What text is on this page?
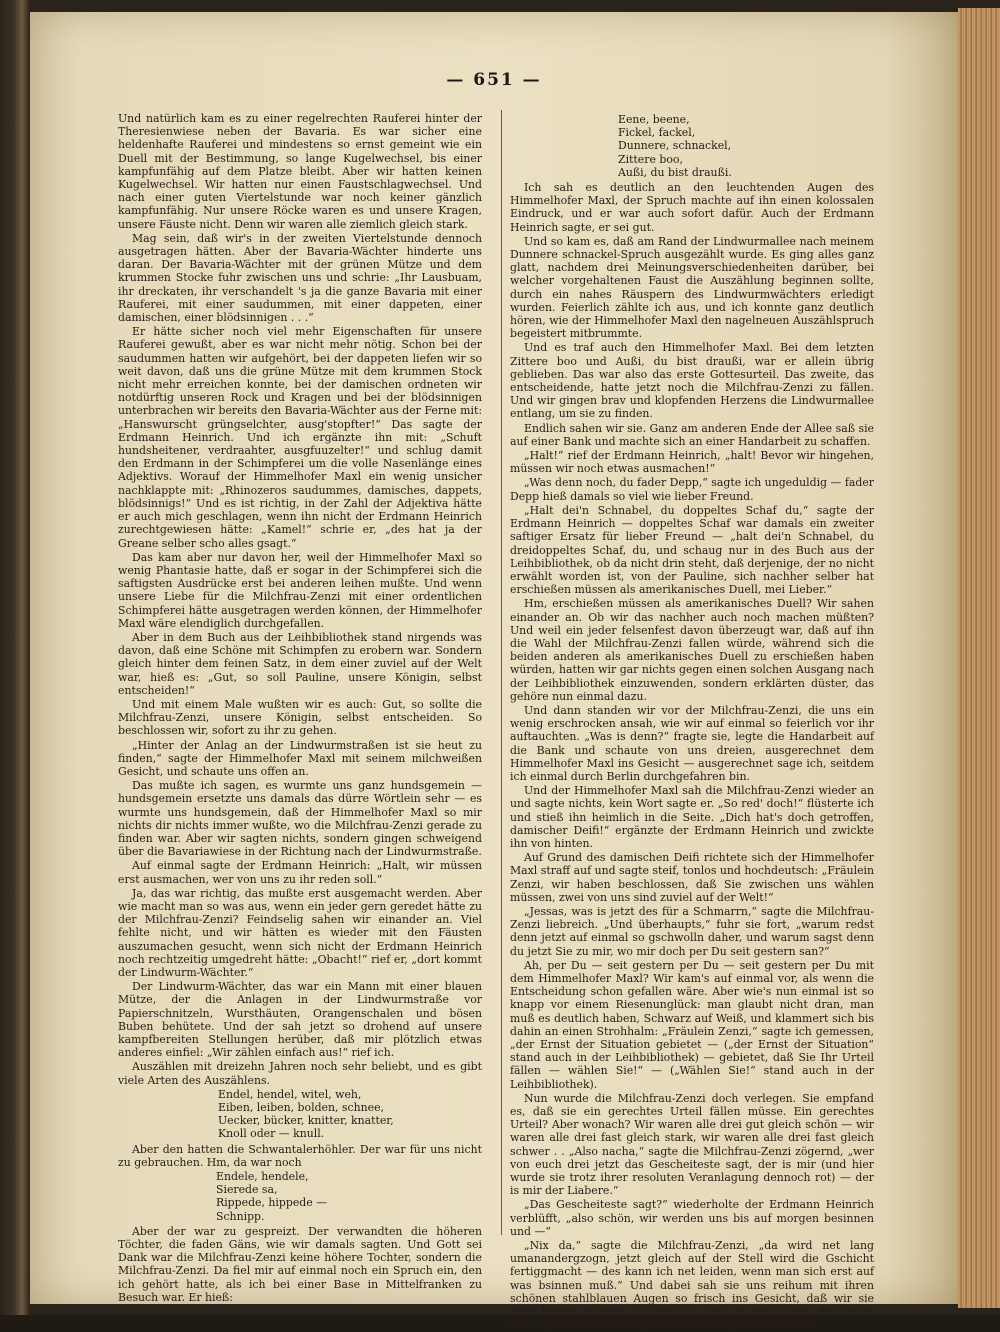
— 651 —

Und natürlich kam es zu einer regelrechten Rauferei hinter der Theresienwiese neben der Bavaria. Es war sicher eine heldenhafte Rauferei und mindestens so ernst gemeint wie ein Duell mit der Bestimmung, so lange Kugelwechsel, bis einer kampfunfähig auf dem Platze bleibt. Aber wir hatten keinen Kugelwechsel. Wir hatten nur einen Faustschlagwechsel. Und nach einer guten Viertelstunde war noch keiner gänzlich kampfunfähig. Nur unsere Röcke waren es und unsere Kragen, unsere Fäuste nicht. Denn wir waren alle ziemlich gleich stark.

Mag sein, daß wir's in der zweiten Viertelstunde dennoch ausgetragen hätten. Aber der Bavaria-Wächter hinderte uns daran. Der Bavaria-Wächter mit der grünen Mütze und dem krummen Stocke fuhr zwischen uns und schrie: „Ihr Lausbuam, ihr dreckaten, ihr verschandelt 's ja die ganze Bavaria mit einer Rauferei, mit einer saudummen, mit einer dappeten, einer damischen, einer blödsinnigen . . .“

Er hätte sicher noch viel mehr Eigenschaften für unsere Rauferei gewußt, aber es war nicht mehr nötig. Schon bei der saudummen hatten wir aufgehört, bei der dappeten liefen wir so weit davon, daß uns die grüne Mütze mit dem krummen Stock nicht mehr erreichen konnte, bei der damischen ordneten wir notdürftig unseren Rock und Kragen und bei der blödsinnigen unterbrachen wir bereits den Bavaria-Wächter aus der Ferne mit: „Hanswurscht grüngselchter, ausg'stopfter!“ Das sagte der Erdmann Heinrich. Und ich ergänzte ihn mit: „Schuft hundsheitener, verdraahter, ausgfuuzelter!“ und schlug damit den Erdmann in der Schimpferei um die volle Nasenlänge eines Adjektivs. Worauf der Himmelhofer Maxl ein wenig unsicher nachklappte mit: „Rhinozeros saudummes, damisches, dappets, blödsinnigs!“ Und es ist richtig, in der Zahl der Adjektiva hätte er auch mich geschlagen, wenn ihn nicht der Erdmann Heinrich zurechtgewiesen hätte: „Kamel!“ schrie er, „des hat ja der Greane selber scho alles gsagt.“

Das kam aber nur davon her, weil der Himmelhofer Maxl so wenig Phantasie hatte, daß er sogar in der Schimpferei sich die saftigsten Ausdrücke erst bei anderen leihen mußte. Und wenn unsere Liebe für die Milchfrau-Zenzi mit einer ordentlichen Schimpferei hätte ausgetragen werden können, der Himmelhofer Maxl wäre elendiglich durchgefallen.

Aber in dem Buch aus der Leihbibliothek stand nirgends was davon, daß eine Schöne mit Schimpfen zu erobern war. Sondern gleich hinter dem feinen Satz, in dem einer zuviel auf der Welt war, hieß es: „Gut, so soll Pauline, unsere Königin, selbst entscheiden!“

Und mit einem Male wußten wir es auch: Gut, so sollte die Milchfrau-Zenzi, unsere Königin, selbst entscheiden. So beschlossen wir, sofort zu ihr zu gehen.

„Hinter der Anlag an der Lindwurmstraßen ist sie heut zu finden,“ sagte der Himmelhofer Maxl mit seinem milchweißen Gesicht, und schaute uns offen an.

Das mußte ich sagen, es wurmte uns ganz hundsgemein — hundsgemein ersetzte uns damals das dürre Wörtlein sehr — es wurmte uns hundsgemein, daß der Himmelhofer Maxl so mir nichts dir nichts immer wußte, wo die Milchfrau-Zenzi gerade zu finden war. Aber wir sagten nichts, sondern gingen schweigend über die Bavariawiese in der Richtung nach der Lindwurmstraße.

Auf einmal sagte der Erdmann Heinrich: „Halt, wir müssen erst ausmachen, wer von uns zu ihr reden soll.“

Ja, das war richtig, das mußte erst ausgemacht werden. Aber wie macht man so was aus, wenn ein jeder gern geredet hätte zu der Milchfrau-Zenzi? Feindselig sahen wir einander an. Viel fehlte nicht, und wir hätten es wieder mit den Fäusten auszumachen gesucht, wenn sich nicht der Erdmann Heinrich noch rechtzeitig umgedreht hätte: „Obacht!“ rief er, „dort kommt der Lindwurm-Wächter.“

Der Lindwurm-Wächter, das war ein Mann mit einer blauen Mütze, der die Anlagen in der Lindwurmstraße vor Papierschnitzeln, Wursthäuten, Orangenschalen und bösen Buben behütete. Und der sah jetzt so drohend auf unsere kampfbereiten Stellungen herüber, daß mir plötzlich etwas anderes einfiel: „Wir zählen einfach aus!“ rief ich.

Auszählen mit dreizehn Jahren noch sehr beliebt, und es gibt viele Arten des Auszählens.

Endel, hendel, witel, weh,
Eiben, leiben, bolden, schnee,
Uecker, bücker, knitter, knatter,
Knoll oder — knull.

Aber den hatten die Schwantalerhöhler. Der war für uns nicht zu gebrauchen. Hm, da war noch

Endele, hendele,
Sierede sa,
Rippede, hippede —
Schnipp.

Aber der war zu gespreizt. Der verwandten die höheren Töchter, die faden Gäns, wie wir damals sagten. Und Gott sei Dank war die Milchfrau-Zenzi keine höhere Tochter, sondern die Milchfrau-Zenzi. Da fiel mir auf einmal noch ein Spruch ein, den ich gehört hatte, als ich bei einer Base in Mittelfranken zu Besuch war. Er hieß:

Eene, beene,
Fickel, fackel,
Dunnere, schnackel,
Zittere boo,
Außi, du bist draußi.

Ich sah es deutlich an den leuchtenden Augen des Himmelhofer Maxl, der Spruch machte auf ihn einen kolossalen Eindruck, und er war auch sofort dafür. Auch der Erdmann Heinrich sagte, er sei gut.

Und so kam es, daß am Rand der Lindwurmallee nach meinem Dunnere schnackel-Spruch ausgezählt wurde. Es ging alles ganz glatt, nachdem drei Meinungsverschiedenheiten darüber, bei welcher vorgehaltenen Faust die Auszählung beginnen sollte, durch ein nahes Räuspern des Lindwurmwächters erledigt wurden. Feierlich zählte ich aus, und ich konnte ganz deutlich hören, wie der Himmelhofer Maxl den nagelneuen Auszählspruch begeistert mitbrummte.

Und es traf auch den Himmelhofer Maxl. Bei dem letzten Zittere boo und Außi, du bist draußi, war er allein übrig geblieben. Das war also das erste Gottesurteil. Das zweite, das entscheidende, hatte jetzt noch die Milchfrau-Zenzi zu fällen. Und wir gingen brav und klopfenden Herzens die Lindwurmallee entlang, um sie zu finden.

Endlich sahen wir sie. Ganz am anderen Ende der Allee saß sie auf einer Bank und machte sich an einer Handarbeit zu schaffen.

„Halt!“ rief der Erdmann Heinrich, „halt! Bevor wir hingehen, müssen wir noch etwas ausmachen!“

„Was denn noch, du fader Depp,“ sagte ich ungeduldig — fader Depp hieß damals so viel wie lieber Freund.

„Halt dei'n Schnabel, du doppeltes Schaf du,“ sagte der Erdmann Heinrich — doppeltes Schaf war damals ein zweiter saftiger Ersatz für lieber Freund — „halt dei'n Schnabel, du dreidoppeltes Schaf, du, und schaug nur in des Buch aus der Leihbibliothek, ob da nicht drin steht, daß derjenige, der no nicht erwählt worden ist, von der Pauline, sich nachher selber hat erschießen müssen als amerikanisches Duell, mei Lieber.“

Hm, erschießen müssen als amerikanisches Duell? Wir sahen einander an. Ob wir das nachher auch noch machen müßten? Und weil ein jeder felsenfest davon überzeugt war, daß auf ihn die Wahl der Milchfrau-Zenzi fallen würde, während sich die beiden anderen als amerikanisches Duell zu erschießen haben würden, hatten wir gar nichts gegen einen solchen Ausgang nach der Leihbibliothek einzuwenden, sondern erklärten düster, das gehöre nun einmal dazu.

Und dann standen wir vor der Milchfrau-Zenzi, die uns ein wenig erschrocken ansah, wie wir auf einmal so feierlich vor ihr auftauchten. „Was is denn?“ fragte sie, legte die Handarbeit auf die Bank und schaute von uns dreien, ausgerechnet dem Himmelhofer Maxl ins Gesicht — ausgerechnet sage ich, seitdem ich einmal durch Berlin durchgefahren bin.

Und der Himmelhofer Maxl sah die Milchfrau-Zenzi wieder an und sagte nichts, kein Wort sagte er. „So red' doch!“ flüsterte ich und stieß ihn heimlich in die Seite. „Dich hat's doch getroffen, damischer Deifi!“ ergänzte der Erdmann Heinrich und zwickte ihn von hinten.

Auf Grund des damischen Deifi richtete sich der Himmelhofer Maxl straff auf und sagte steif, tonlos und hochdeutsch: „Fräulein Zenzi, wir haben beschlossen, daß Sie zwischen uns wählen müssen, zwei von uns sind zuviel auf der Welt!“

„Jessas, was is jetzt des für a Schmarrn,“ sagte die Milchfrau-Zenzi liebreich. „Und überhaupts,“ fuhr sie fort, „warum redst denn jetzt auf einmal so gschwolln daher, und warum sagst denn du jetzt Sie zu mir, wo mir doch per Du seit gestern san?“

Ah, per Du — seit gestern per Du — seit gestern per Du mit dem Himmelhofer Maxl? Wir kam's auf einmal vor, als wenn die Entscheidung schon gefallen wäre. Aber wie's nun einmal ist so knapp vor einem Riesenunglück: man glaubt nicht dran, man muß es deutlich haben, Schwarz auf Weiß, und klammert sich bis dahin an einen Strohhalm: „Fräulein Zenzi,“ sagte ich gemessen, „der Ernst der Situation gebietet — („der Ernst der Situation“ stand auch in der Leihbibliothek) — gebietet, daß Sie Ihr Urteil fällen — wählen Sie!“ — („Wählen Sie!“ stand auch in der Leihbibliothek).

Nun wurde die Milchfrau-Zenzi doch verlegen. Sie empfand es, daß sie ein gerechtes Urteil fällen müsse. Ein gerechtes Urteil? Aber wonach? Wir waren alle drei gut gleich schön — wir waren alle drei fast gleich stark, wir waren alle drei fast gleich schwer . . „Also nacha,“ sagte die Milchfrau-Zenzi zögernd, „wer von euch drei jetzt das Gescheiteste sagt, der is mir (und hier wurde sie trotz ihrer resoluten Veranlagung dennoch rot) — der is mir der Liabere.“

„Das Gescheiteste sagt?“ wiederholte der Erdmann Heinrich verblüfft, „also schön, wir werden uns bis auf morgen besinnen und —“

„Nix da,“ sagte die Milchfrau-Zenzi, „da wird net lang umanandergzogn, jetzt gleich auf der Stell wird die Gschicht fertiggmacht — des kann ich net leiden, wenn man sich erst auf was bsinnen muß.“ Und dabei sah sie uns reihum mit ihren schönen stahlblauen Augen so frisch ins Gesicht, daß wir sie gern haben mußten, so oder so. Und es war schon der Mühe wert, geschwind etwas gescheites zu sagen, dachte ich.
